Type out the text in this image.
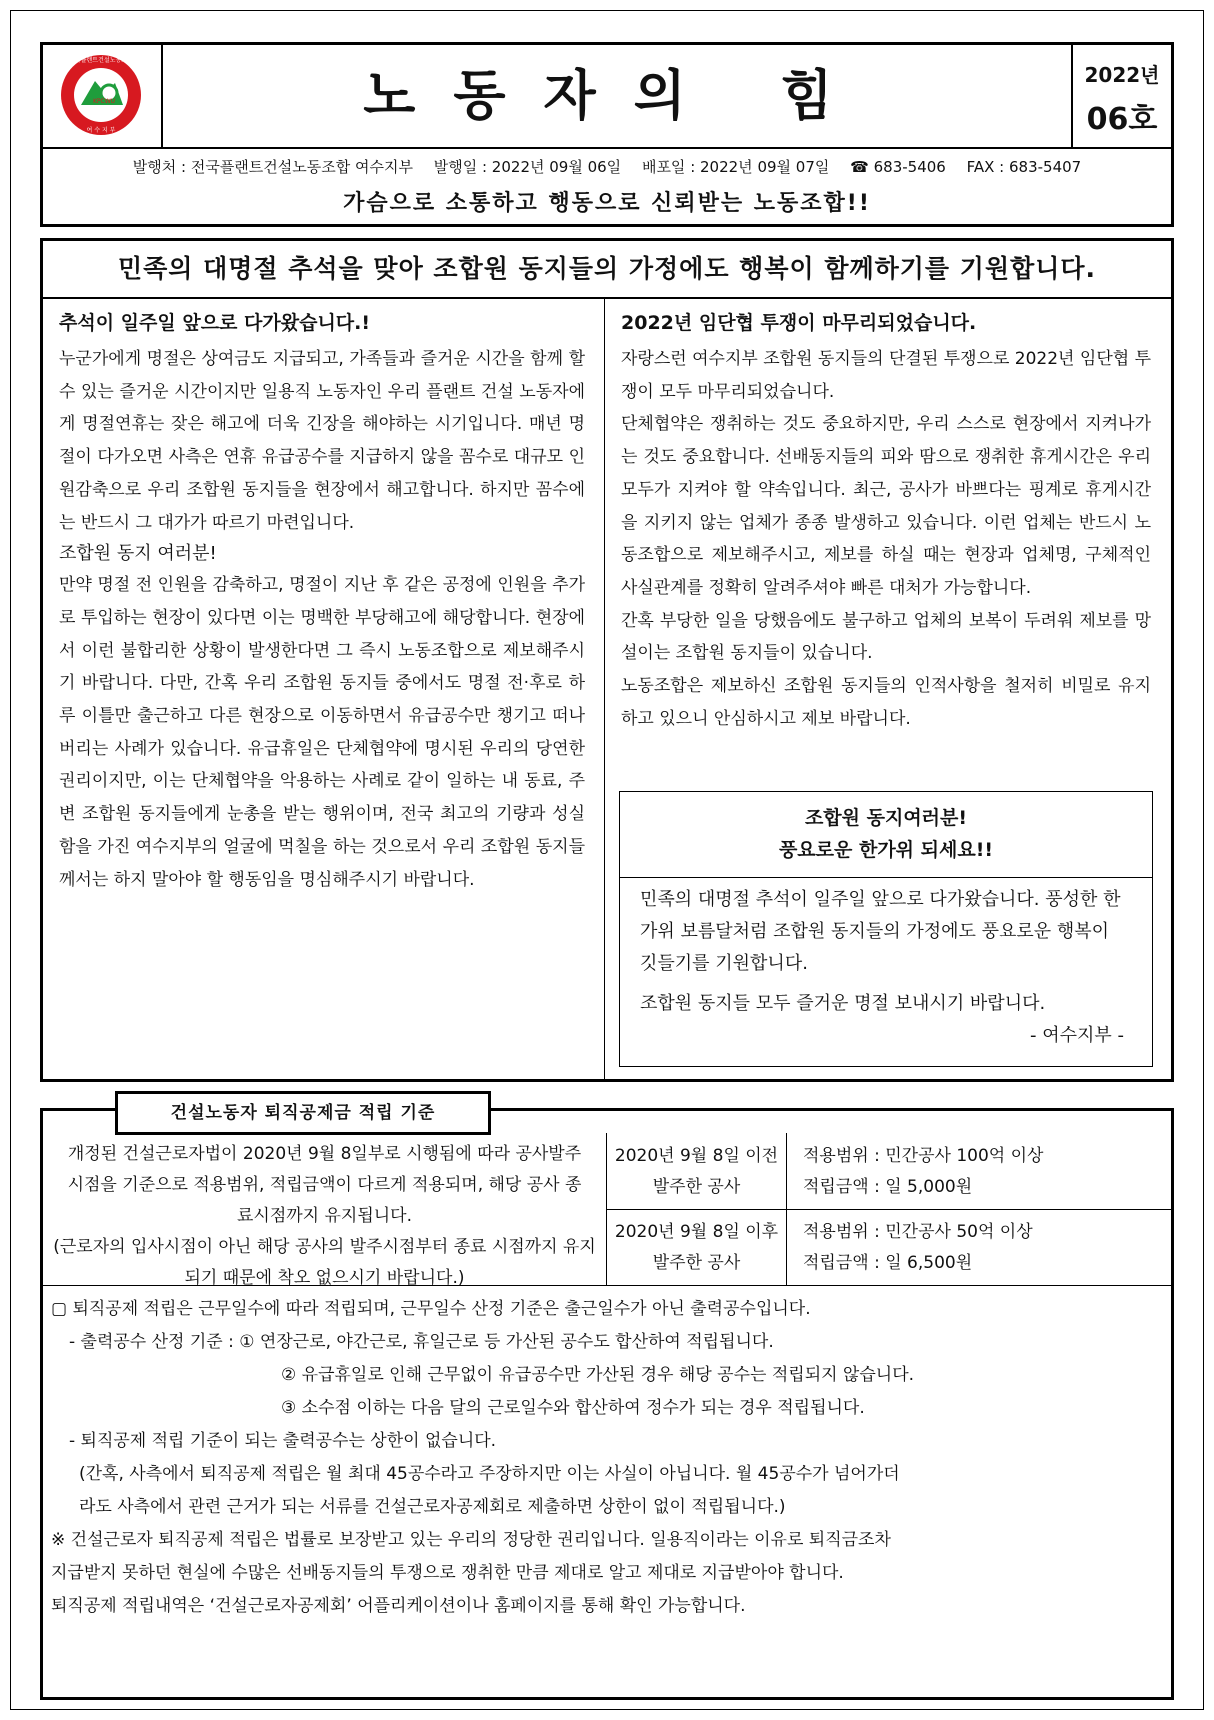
KPCWU
전국플랜트건설노동조합
여 수 지 부
노동자의 힘	2022년
06호
발행처 : 전국플랜트건설노동조합 여수지부 발행일 : 2022년 09월 06일 배포일 : 2022년 09월 07일 ☎ 683-5406 FAX : 683-5407
가슴으로 소통하고 행동으로 신뢰받는 노동조합!!
민족의 대명절 추석을 맞아 조합원 동지들의 가정에도 행복이 함께하기를 기원합니다.
추석이 일주일 앞으로 다가왔습니다.!

누군가에게 명절은 상여금도 지급되고, 가족들과 즐거운 시간을 함께 할 수 있는 즐거운 시간이지만 일용직 노동자인 우리 플랜트 건설 노동자에게 명절연휴는 잦은 해고에 더욱 긴장을 해야하는 시기입니다. 매년 명절이 다가오면 사측은 연휴 유급공수를 지급하지 않을 꼼수로 대규모 인원감축으로 우리 조합원 동지들을 현장에서 해고합니다. 하지만 꼼수에는 반드시 그 대가가 따르기 마련입니다.

조합원 동지 여러분!

만약 명절 전 인원을 감축하고, 명절이 지난 후 같은 공정에 인원을 추가로 투입하는 현장이 있다면 이는 명백한 부당해고에 해당합니다. 현장에서 이런 불합리한 상황이 발생한다면 그 즉시 노동조합으로 제보해주시기 바랍니다. 다만, 간혹 우리 조합원 동지들 중에서도 명절 전·후로 하루 이틀만 출근하고 다른 현장으로 이동하면서 유급공수만 챙기고 떠나버리는 사례가 있습니다. 유급휴일은 단체협약에 명시된 우리의 당연한 권리이지만, 이는 단체협약을 악용하는 사례로 같이 일하는 내 동료, 주변 조합원 동지들에게 눈총을 받는 행위이며, 전국 최고의 기량과 성실함을 가진 여수지부의 얼굴에 먹칠을 하는 것으로서 우리 조합원 동지들께서는 하지 말아야 할 행동임을 명심해주시기 바랍니다.

2022년 임단협 투쟁이 마무리되었습니다.

자랑스런 여수지부 조합원 동지들의 단결된 투쟁으로 2022년 임단협 투쟁이 모두 마무리되었습니다.

단체협약은 쟁취하는 것도 중요하지만, 우리 스스로 현장에서 지켜나가는 것도 중요합니다. 선배동지들의 피와 땀으로 쟁취한 휴게시간은 우리 모두가 지켜야 할 약속입니다. 최근, 공사가 바쁘다는 핑계로 휴게시간을 지키지 않는 업체가 종종 발생하고 있습니다. 이런 업체는 반드시 노동조합으로 제보해주시고, 제보를 하실 때는 현장과 업체명, 구체적인 사실관계를 정확히 알려주셔야 빠른 대처가 가능합니다.

간혹 부당한 일을 당했음에도 불구하고 업체의 보복이 두려워 제보를 망설이는 조합원 동지들이 있습니다.

노동조합은 제보하신 조합원 동지들의 인적사항을 철저히 비밀로 유지하고 있으니 안심하시고 제보 바랍니다.

조합원 동지여러분!
풍요로운 한가위 되세요!!
민족의 대명절 추석이 일주일 앞으로 다가왔습니다. 풍성한 한가위 보름달처럼 조합원 동지들의 가정에도 풍요로운 행복이 깃들기를 기원합니다.
조합원 동지들 모두 즐거운 명절 보내시기 바랍니다.
- 여수지부 -
건설노동자 퇴직공제금 적립 기준
개정된 건설근로자법이 2020년 9월 8일부로 시행됨에 따라 공사발주시점을 기준으로 적용범위, 적립금액이 다르게 적용되며, 해당 공사 종료시점까지 유지됩니다.
(근로자의 입사시점이 아닌 해당 공사의 발주시점부터 종료 시점까지 유지되기 때문에 착오 없으시기 바랍니다.)
2020년 9월 8일 이전 발주한 공사
적용범위 : 민간공사 100억 이상
적립금액 : 일 5,000원
2020년 9월 8일 이후 발주한 공사
적용범위 : 민간공사 50억 이상
적립금액 : 일 6,500원

▢ 퇴직공제 적립은 근무일수에 따라 적립되며, 근무일수 산정 기준은 출근일수가 아닌 출력공수입니다.

- 출력공수 산정 기준 : ① 연장근로, 야간근로, 휴일근로 등 가산된 공수도 합산하여 적립됩니다.

② 유급휴일로 인해 근무없이 유급공수만 가산된 경우 해당 공수는 적립되지 않습니다.

③ 소수점 이하는 다음 달의 근로일수와 합산하여 정수가 되는 경우 적립됩니다.

- 퇴직공제 적립 기준이 되는 출력공수는 상한이 없습니다.

(간혹, 사측에서 퇴직공제 적립은 월 최대 45공수라고 주장하지만 이는 사실이 아닙니다. 월 45공수가 넘어가더

라도 사측에서 관련 근거가 되는 서류를 건설근로자공제회로 제출하면 상한이 없이 적립됩니다.)

※ 건설근로자 퇴직공제 적립은 법률로 보장받고 있는 우리의 정당한 권리입니다. 일용직이라는 이유로 퇴직금조차

지급받지 못하던 현실에 수많은 선배동지들의 투쟁으로 쟁취한 만큼 제대로 알고 제대로 지급받아야 합니다.

퇴직공제 적립내역은 ‘건설근로자공제회’ 어플리케이션이나 홈페이지를 통해 확인 가능합니다.
